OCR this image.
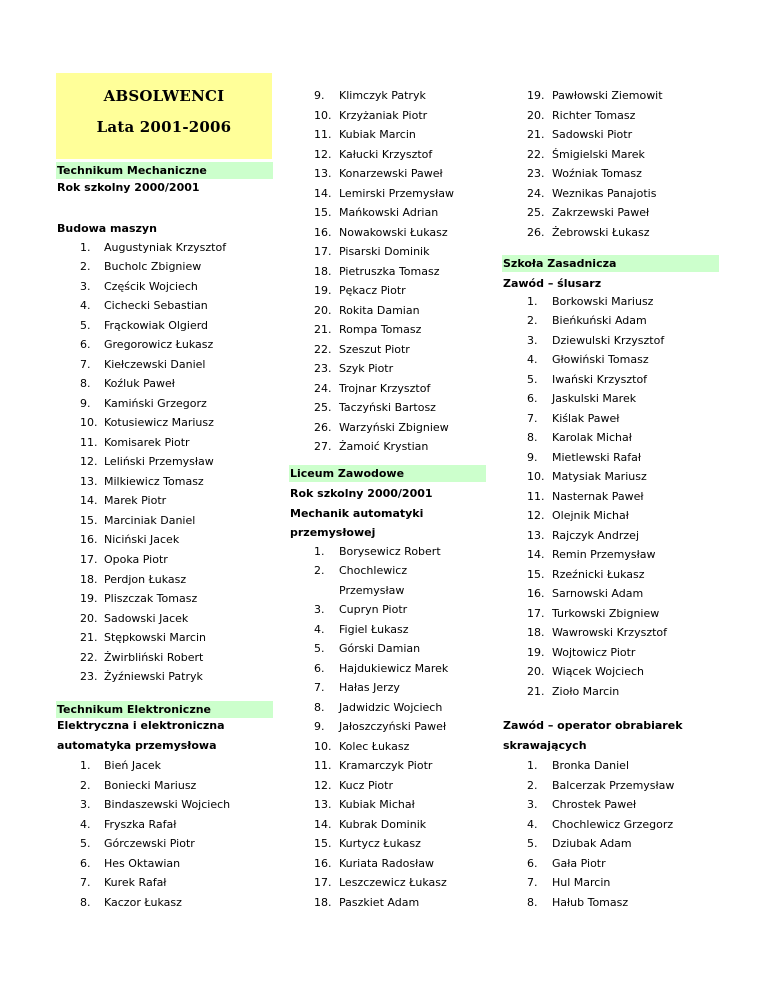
ABSOLWENCI
Lata 2001-2006
Technikum Mechaniczne
Rok szkolny 2000/2001
Budowa maszyn
1. Augustyniak Krzysztof
2. Bucholc Zbigniew
3. Częścik Wojciech
4. Cichecki Sebastian
5. Frąckowiak Olgierd
6. Gregorowicz Łukasz
7. Kiełczewski Daniel
8. Koźluk Paweł
9. Kamiński Grzegorz
10. Kotusiewicz Mariusz
11. Komisarek Piotr
12. Leliński Przemysław
13. Milkiewicz Tomasz
14. Marek Piotr
15. Marciniak Daniel
16. Niciński Jacek
17. Opoka Piotr
18. Perdjon Łukasz
19. Pliszczak Tomasz
20. Sadowski Jacek
21. Stępkowski Marcin
22. Żwirbliński Robert
23. Żyźniewski Patryk
Technikum Elektroniczne
Elektryczna i elektroniczna
automatyka przemysłowa
1. Bień Jacek
2. Boniecki Mariusz
3. Bindaszewski Wojciech
4. Fryszka Rafał
5. Górczewski Piotr
6. Hes Oktawian
7. Kurek Rafał
8. Kaczor Łukasz
9. Klimczyk Patryk
10. Krzyżaniak Piotr
11. Kubiak Marcin
12. Kałucki Krzysztof
13. Konarzewski Paweł
14. Lemirski Przemysław
15. Mańkowski Adrian
16. Nowakowski Łukasz
17. Pisarski Dominik
18. Pietruszka Tomasz
19. Pękacz Piotr
20. Rokita Damian
21. Rompa Tomasz
22. Szeszut Piotr
23. Szyk Piotr
24. Trojnar Krzysztof
25. Taczyński Bartosz
26. Warzyński Zbigniew
27. Żamoić Krystian
Liceum Zawodowe
Rok szkolny 2000/2001
Mechanik automatyki
przemysłowej
1. Borysewicz Robert
2. Chochlewicz
Przemysław
3. Cupryn Piotr
4. Figiel Łukasz
5. Górski Damian
6. Hajdukiewicz Marek
7. Hałas Jerzy
8. Jadwidzic Wojciech
9. Jałoszczyński Paweł
10. Kolec Łukasz
11. Kramarczyk Piotr
12. Kucz Piotr
13. Kubiak Michał
14. Kubrak Dominik
15. Kurtycz Łukasz
16. Kuriata Radosław
17. Leszczewicz Łukasz
18. Paszkiet Adam
19. Pawłowski Ziemowit
20. Richter Tomasz
21. Sadowski Piotr
22. Śmigielski Marek
23. Woźniak Tomasz
24. Weznikas Panajotis
25. Zakrzewski Paweł
26. Żebrowski Łukasz
Szkoła Zasadnicza
Zawód – ślusarz
1. Borkowski Mariusz
2. Bieńkuński Adam
3. Dziewulski Krzysztof
4. Głowiński Tomasz
5. Iwański Krzysztof
6. Jaskulski Marek
7. Kiślak Paweł
8. Karolak Michał
9. Mietlewski Rafał
10. Matysiak Mariusz
11. Nasternak Paweł
12. Olejnik Michał
13. Rajczyk Andrzej
14. Remin Przemysław
15. Rzeźnicki Łukasz
16. Sarnowski Adam
17. Turkowski Zbigniew
18. Wawrowski Krzysztof
19. Wojtowicz Piotr
20. Wiącek Wojciech
21. Zioło Marcin
Zawód – operator obrabiarek
skrawających
1. Bronka Daniel
2. Balcerzak Przemysław
3. Chrostek Paweł
4. Chochlewicz Grzegorz
5. Dziubak Adam
6. Gała Piotr
7. Hul Marcin
8. Hałub Tomasz
